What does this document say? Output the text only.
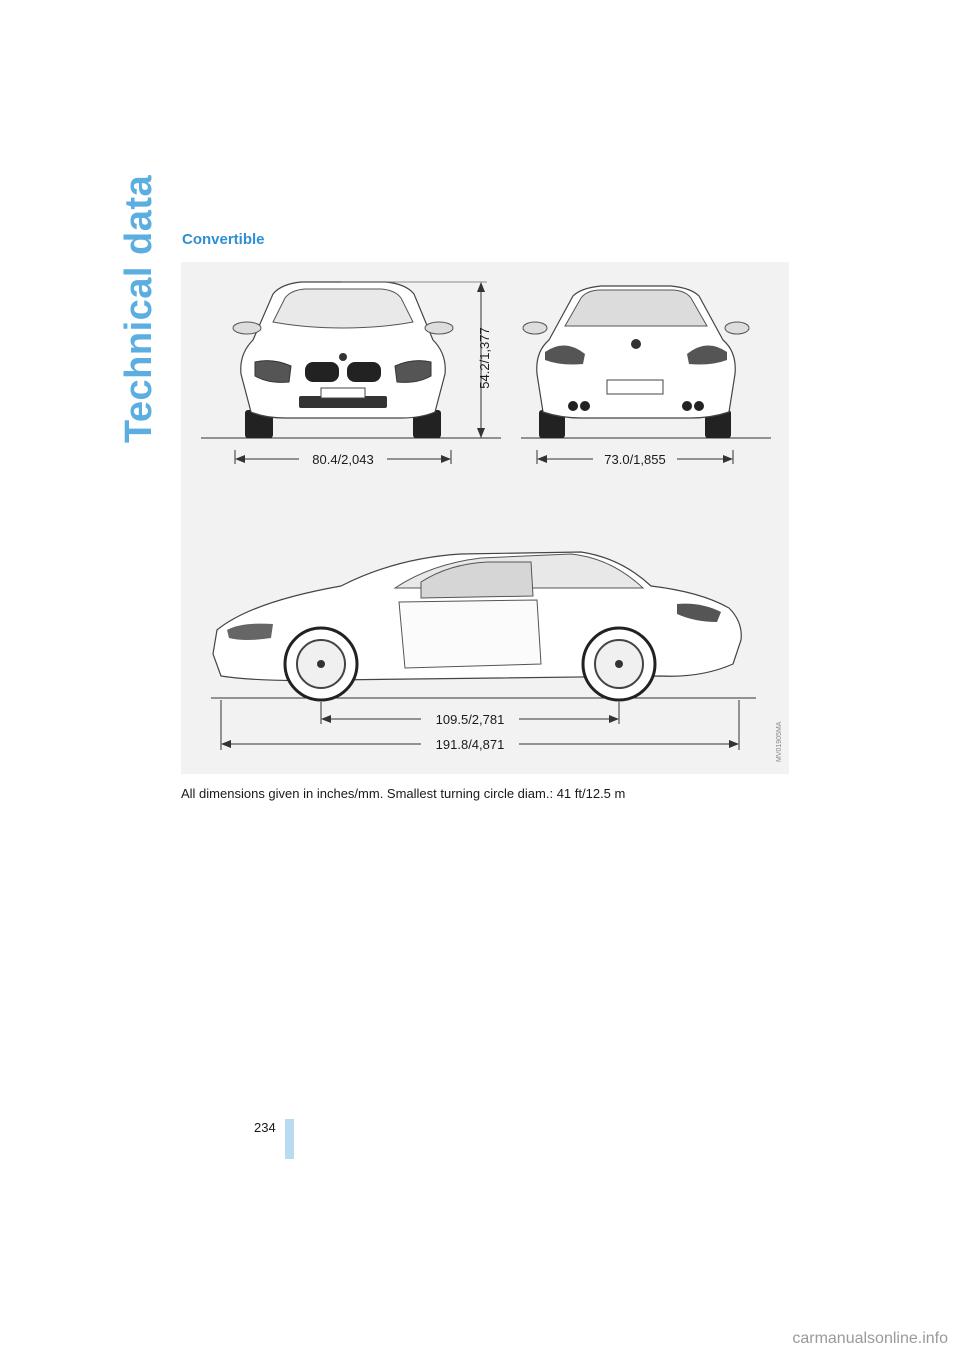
Technical data Convertible
54.2/1,377
80.4/2,043	73.0/1,855
109.5/2,781
191.8/4,871	MV01905MA
All dimensions given in inches/mm. Smallest turning circle diam.: 41 ft/12.5 m
234
carmanualsonline.info
